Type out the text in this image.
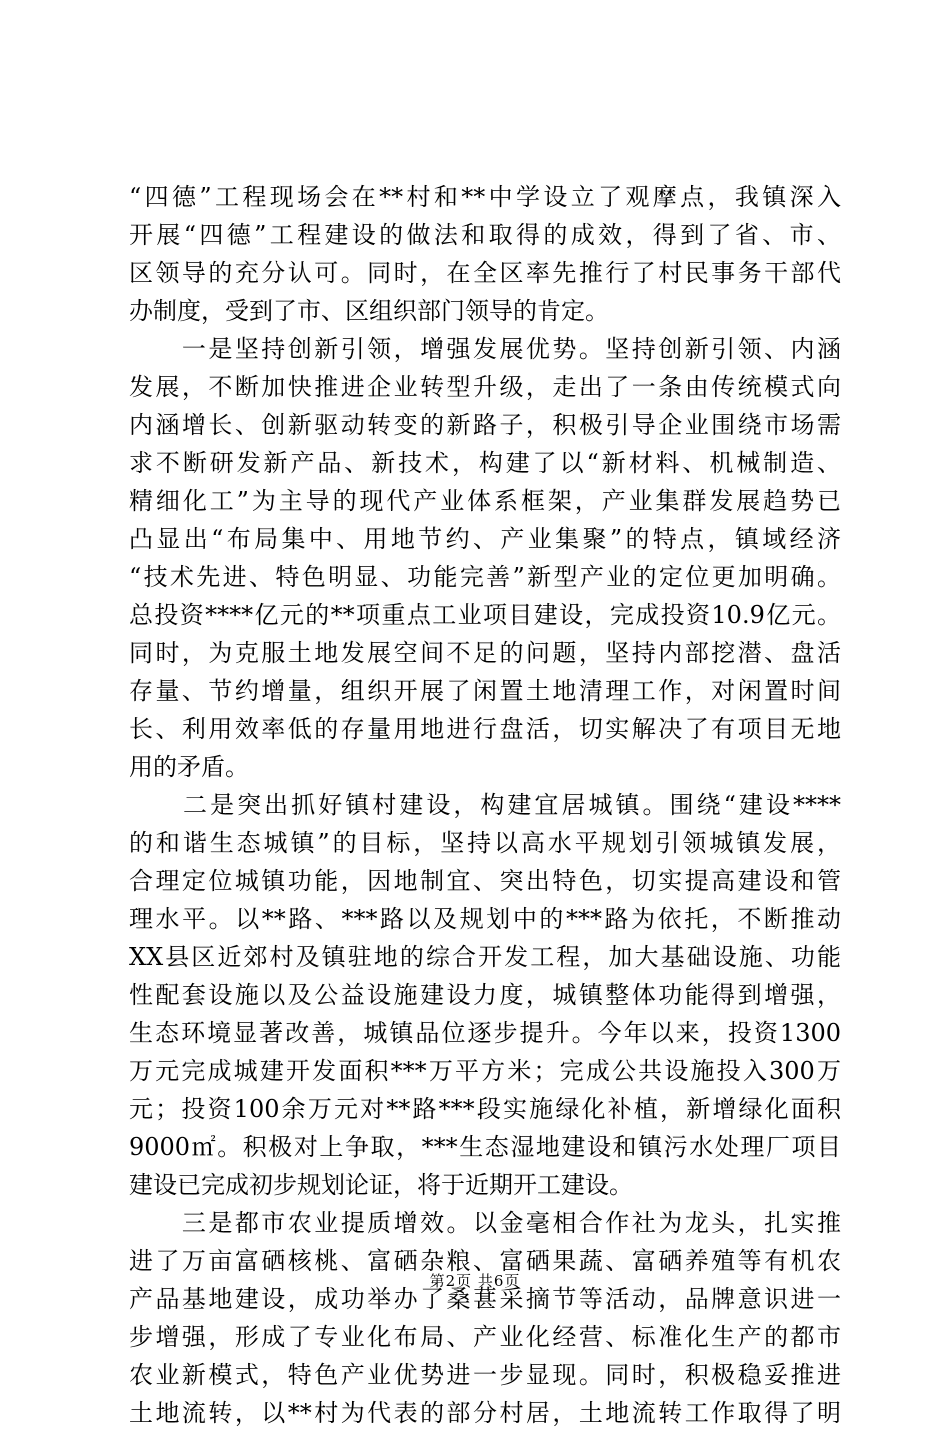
“四德”工程现场会在**村和**中学设立了观摩点，我镇深入
开展“四德”工程建设的做法和取得的成效，得到了省、市、
区领导的充分认可。同时，在全区率先推行了村民事务干部代
办制度，受到了市、区组织部门领导的肯定。
　　一是坚持创新引领，增强发展优势。坚持创新引领、内涵
发展，不断加快推进企业转型升级，走出了一条由传统模式向
内涵增长、创新驱动转变的新路子，积极引导企业围绕市场需
求不断研发新产品、新技术，构建了以“新材料、机械制造、
精细化工”为主导的现代产业体系框架，产业集群发展趋势已
凸显出“布局集中、用地节约、产业集聚”的特点，镇域经济
“技术先进、特色明显、功能完善”新型产业的定位更加明确。
总投资****亿元的**项重点工业项目建设，完成投资10.9亿元。
同时，为克服土地发展空间不足的问题，坚持内部挖潜、盘活
存量、节约增量，组织开展了闲置土地清理工作，对闲置时间
长、利用效率低的存量用地进行盘活，切实解决了有项目无地
用的矛盾。
　　二是突出抓好镇村建设，构建宜居城镇。围绕“建设****
的和谐生态城镇”的目标，坚持以高水平规划引领城镇发展，
合理定位城镇功能，因地制宜、突出特色，切实提高建设和管
理水平。以**路、***路以及规划中的***路为依托，不断推动
XX县区近郊村及镇驻地的综合开发工程，加大基础设施、功能
性配套设施以及公益设施建设力度，城镇整体功能得到增强，
生态环境显著改善，城镇品位逐步提升。今年以来，投资1300
万元完成城建开发面积***万平方米；完成公共设施投入300万
元；投资100余万元对**路***段实施绿化补植，新增绿化面积
9000㎡。积极对上争取，***生态湿地建设和镇污水处理厂项目
建设已完成初步规划论证，将于近期开工建设。
　　三是都市农业提质增效。以金毫相合作社为龙头，扎实推
进了万亩富硒核桃、富硒杂粮、富硒果蔬、富硒养殖等有机农
产品基地建设，成功举办了桑葚采摘节等活动，品牌意识进一
步增强，形成了专业化布局、产业化经营、标准化生产的都市
农业新模式，特色产业优势进一步显现。同时，积极稳妥推进
土地流转，以**村为代表的部分村居，土地流转工作取得了明
第2页 共6页
